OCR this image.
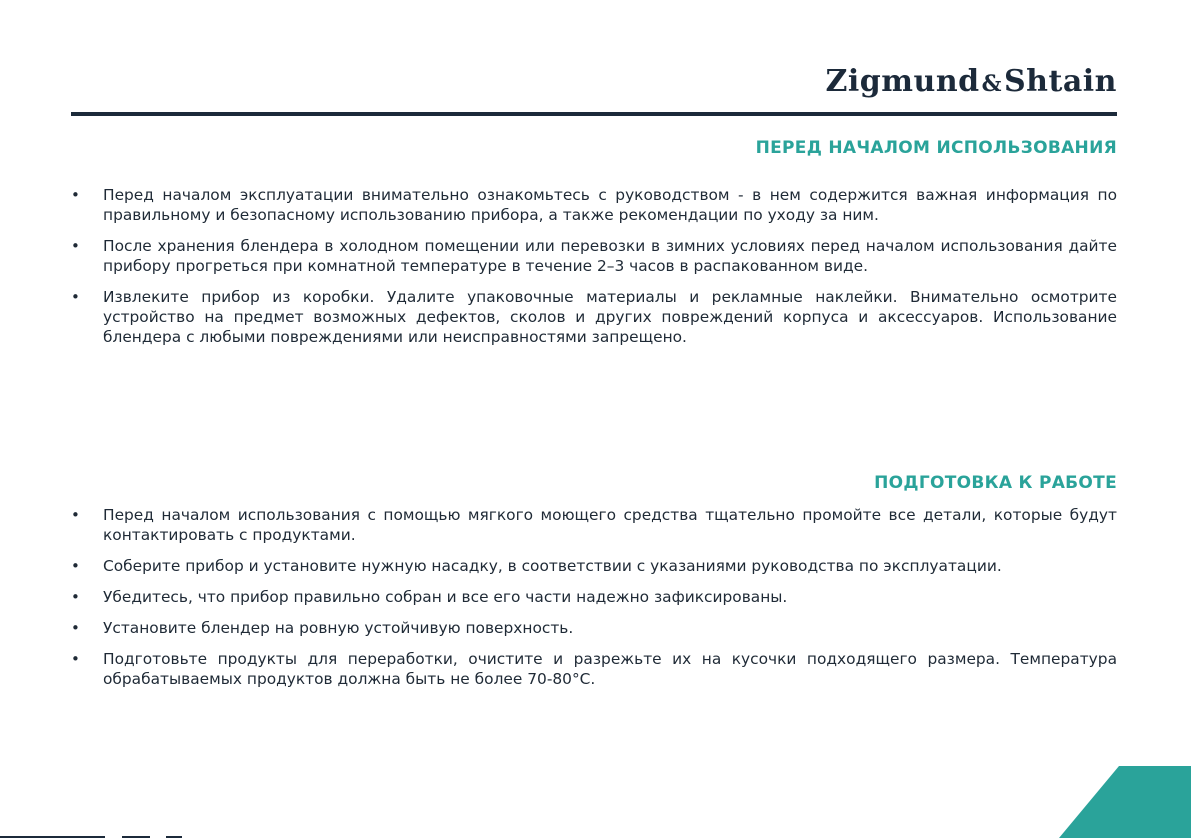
Zigmund&Shtain
ПЕРЕД НАЧАЛОМ ИСПОЛЬЗОВАНИЯ
• Перед началом эксплуатации внимательно ознакомьтесь с руководством - в нем содержится важная информация по правильному и безопасному использованию прибора, а также рекомендации по уходу за ним.
• После хранения блендера в холодном помещении или перевозки в зимних условиях перед началом использования дайте прибору прогреться при комнатной температуре в течение 2–3 часов в распакованном виде.
• Извлеките прибор из коробки. Удалите упаковочные материалы и рекламные наклейки. Внимательно осмотрите устройство на предмет возможных дефектов, сколов и других повреждений корпуса и аксессуаров. Использование блендера с любыми повреждениями или неисправностями запрещено.
ПОДГОТОВКА К РАБОТЕ
• Перед началом использования с помощью мягкого моющего средства тщательно промойте все детали, которые будут контактировать с продуктами.
• Соберите прибор и установите нужную насадку, в соответствии с указаниями руководства по эксплуатации.
• Убедитесь, что прибор правильно собран и все его части надежно зафиксированы.
• Установите блендер на ровную устойчивую поверхность.
• Подготовьте продукты для переработки, очистите и разрежьте их на кусочки подходящего размера. Температура обрабатываемых продуктов должна быть не более 70-80°С.
